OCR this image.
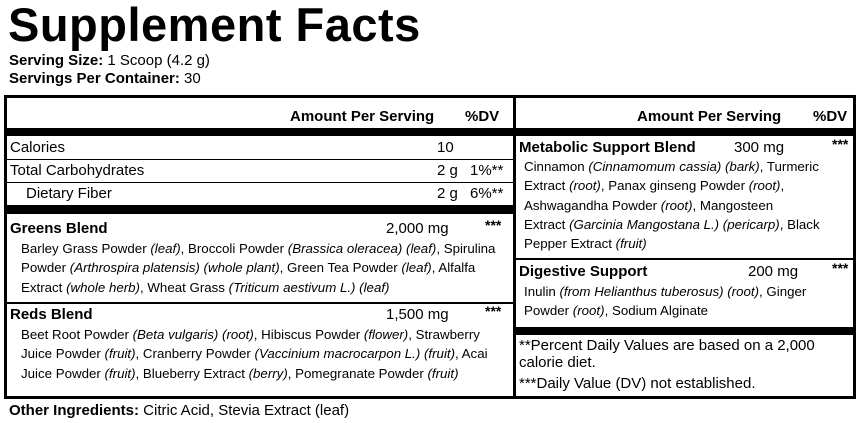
Supplement Facts
Serving Size: 1 Scoop (4.2 g)
Servings Per Container: 30
Amount Per Serving %DV
Calories	10
Total Carbohydrates	2 g 1%**
Dietary Fiber	2 g 6%**
Greens Blend	2,000 mg	***
Barley Grass Powder (leaf), Broccoli Powder (Brassica oleracea) (leaf), Spirulina
Powder (Arthrospira platensis) (whole plant), Green Tea Powder (leaf), Alfalfa
Extract (whole herb), Wheat Grass (Triticum aestivum L.) (leaf)
Reds Blend	1,500 mg	***
Beet Root Powder (Beta vulgaris) (root), Hibiscus Powder (flower), Strawberry
Juice Powder (fruit), Cranberry Powder (Vaccinium macrocarpon L.) (fruit), Acai
Juice Powder (fruit), Blueberry Extract (berry), Pomegranate Powder (fruit)
Amount Per Serving %DV
Metabolic Support Blend	300 mg	***
Cinnamon (Cinnamomum cassia) (bark), Turmeric
Extract (root), Panax ginseng Powder (root),
Ashwagandha Powder (root), Mangosteen
Extract (Garcinia Mangostana L.) (pericarp), Black
Pepper Extract (fruit)
Digestive Support	200 mg ***
Inulin (from Helianthus tuberosus) (root), Ginger
Powder (root), Sodium Alginate
**Percent Daily Values are based on a 2,000
calorie diet.
***Daily Value (DV) not established.
Other Ingredients: Citric Acid, Stevia Extract (leaf)
